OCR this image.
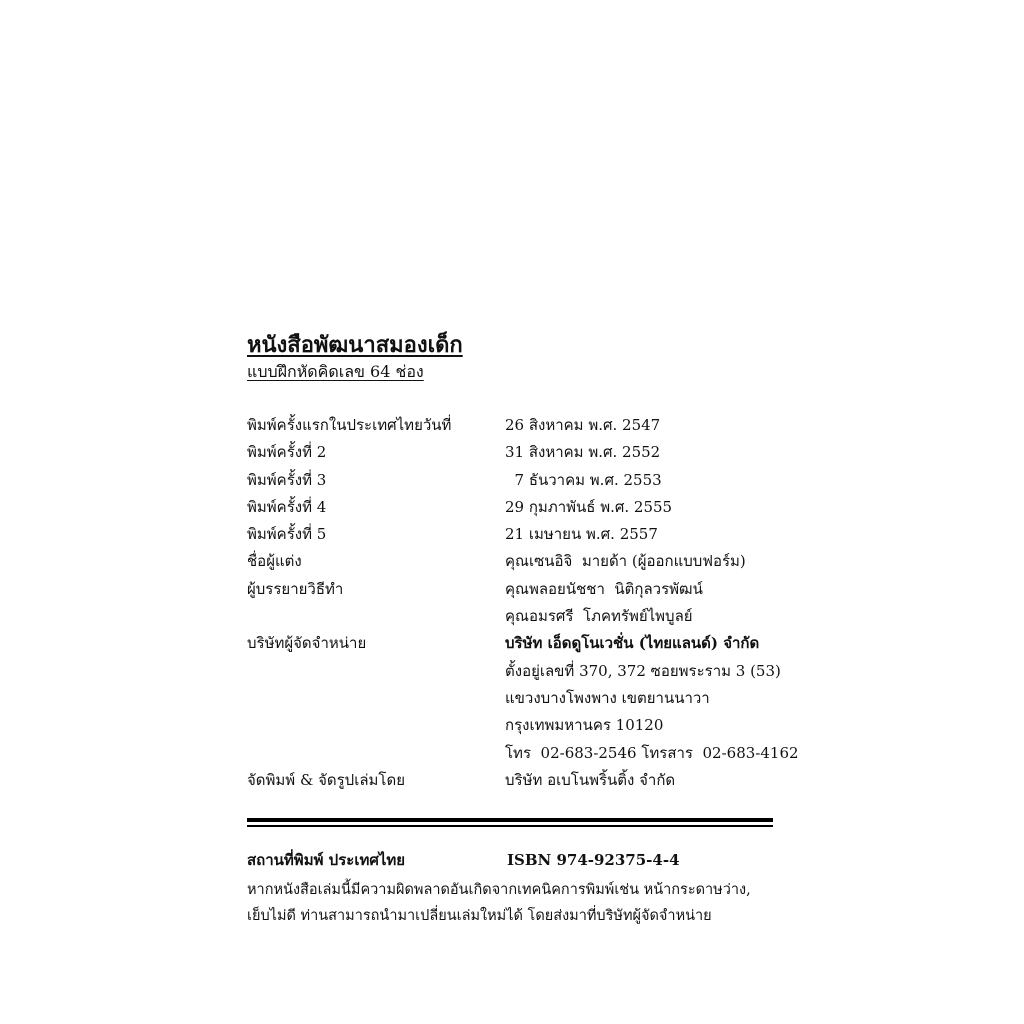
หนังสือพัฒนาสมองเด็ก

แบบฝึกหัดคิดเลข 64 ช่อง

พิมพ์ครั้งแรกในประเทศไทยวันที่	26 สิงหาคม พ.ศ. 2547
พิมพ์ครั้งที่ 2	31 สิงหาคม พ.ศ. 2552
พิมพ์ครั้งที่ 3	7 ธันวาคม พ.ศ. 2553
พิมพ์ครั้งที่ 4	29 กุมภาพันธ์ พ.ศ. 2555
พิมพ์ครั้งที่ 5	21 เมษายน พ.ศ. 2557
ชื่อผู้แต่ง	คุณเซนอิจิ  มายด้า (ผู้ออกแบบฟอร์ม)
ผู้บรรยายวิธีทำ	คุณพลอยนัชชา  นิติกุลวรพัฒน์
คุณอมรศรี  โภคทรัพย์ไพบูลย์
บริษัทผู้จัดจำหน่าย	บริษัท เอ็ดดูโนเวชั่น (ไทยแลนด์) จำกัด
ตั้งอยู่เลขที่ 370, 372 ซอยพระราม 3 (53)
แขวงบางโพงพาง เขตยานนาวา
กรุงเทพมหานคร 10120
โทร  02-683-2546 โทรสาร  02-683-4162
จัดพิมพ์ & จัดรูปเล่มโดย	บริษัท อเบโนพริ้นติ้ง จำกัด
สถานที่พิมพ์ ประเทศไทย	ISBN 974-92375-4-4
หากหนังสือเล่มนี้มีความผิดพลาดอันเกิดจากเทคนิคการพิมพ์เช่น หน้ากระดาษว่าง,
เย็บไม่ดี ท่านสามารถนำมาเปลี่ยนเล่มใหม่ได้ โดยส่งมาที่บริษัทผู้จัดจำหน่าย
